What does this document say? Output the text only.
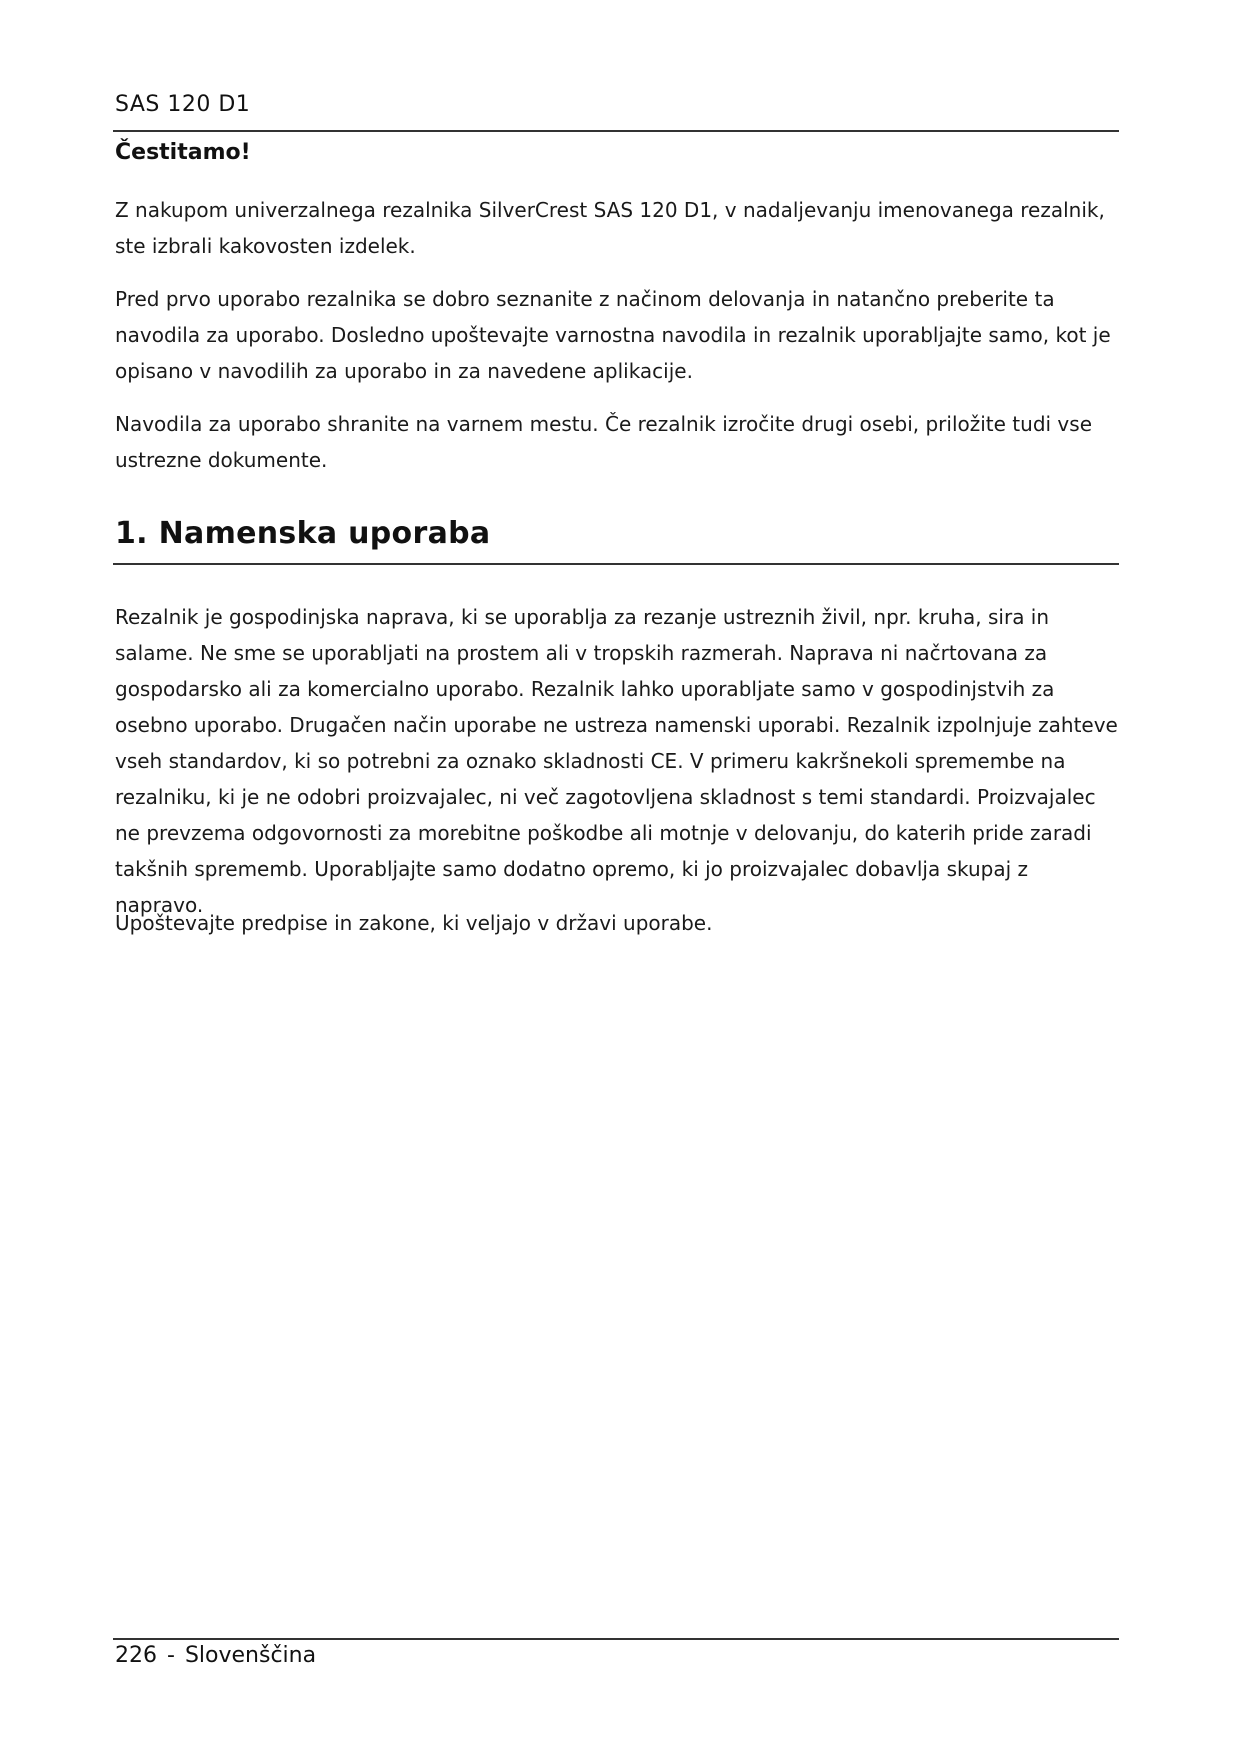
SAS 120 D1
Čestitamo!
Z nakupom univerzalnega rezalnika SilverCrest SAS 120 D1, v nadaljevanju imenovanega rezalnik, ste izbrali kakovosten izdelek.
Pred prvo uporabo rezalnika se dobro seznanite z načinom delovanja in natančno preberite ta navodila za uporabo. Dosledno upoštevajte varnostna navodila in rezalnik uporabljajte samo, kot je opisano v navodilih za uporabo in za navedene aplikacije.
Navodila za uporabo shranite na varnem mestu. Če rezalnik izročite drugi osebi, priložite tudi vse ustrezne dokumente.
1. Namenska uporaba
Rezalnik je gospodinjska naprava, ki se uporablja za rezanje ustreznih živil, npr. kruha, sira in salame. Ne sme se uporabljati na prostem ali v tropskih razmerah. Naprava ni načrtovana za gospodarsko ali za komercialno uporabo. Rezalnik lahko uporabljate samo v gospodinjstvih za osebno uporabo. Drugačen način uporabe ne ustreza namenski uporabi. Rezalnik izpolnjuje zahteve vseh standardov, ki so potrebni za oznako skladnosti CE. V primeru kakršnekoli spremembe na rezalniku, ki je ne odobri proizvajalec, ni več zagotovljena skladnost s temi standardi. Proizvajalec ne prevzema odgovornosti za morebitne poškodbe ali motnje v delovanju, do katerih pride zaradi takšnih sprememb. Uporabljajte samo dodatno opremo, ki jo proizvajalec dobavlja skupaj z napravo.
Upoštevajte predpise in zakone, ki veljajo v državi uporabe.
226 - Slovenščina
